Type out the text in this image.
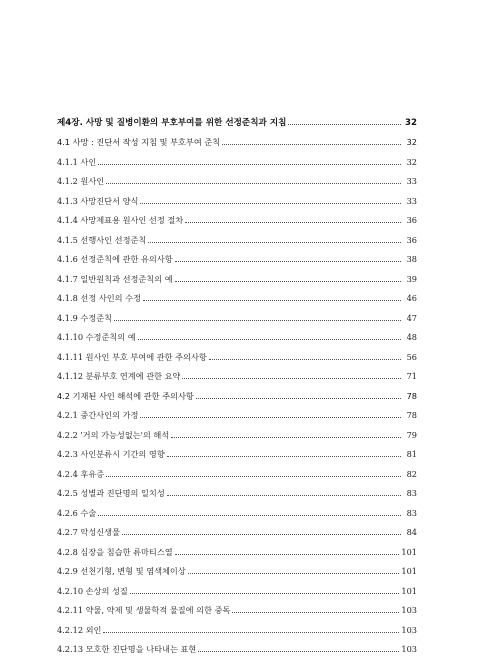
제4장. 사망 및 질병이환의 부호부여를 위한 선정준칙과 지침	32
4.1 사망 : 진단서 작성 지침 및 부호부여 준칙	32
4.1.1 사인	32
4.1.2 원사인	33
4.1.3 사망진단서 양식	33
4.1.4 사망제표용 원사인 선정 절차	36
4.1.5 선행사인 선정준칙	36
4.1.6 선정준칙에 관한 유의사항	38
4.1.7 일반원칙과 선정준칙의 예	39
4.1.8 선정 사인의 수정	46
4.1.9 수정준칙	47
4.1.10 수정준칙의 예	48
4.1.11 원사인 부호 부여에 관한 주의사항	56
4.1.12 분류부호 연계에 관한 요약	71
4.2 기재된 사인 해석에 관한 주의사항	78
4.2.1 중간사인의 가정	78
4.2.2 '거의 가능성없는'의 해석	79
4.2.3 사인분류시 기간의 영향	81
4.2.4 후유증	82
4.2.5 성별과 진단명의 일치성	83
4.2.6 수술	83
4.2.7 악성신생물	84
4.2.8 심장을 침습한 류마티스열	101
4.2.9 선천기형, 변형 및 염색체이상	101
4.2.10 손상의 성질	101
4.2.11 약물, 약제 및 생물학적 물질에 의한 중독	103
4.2.12 외인	103
4.2.13 모호한 진단명을 나타내는 표현	103
